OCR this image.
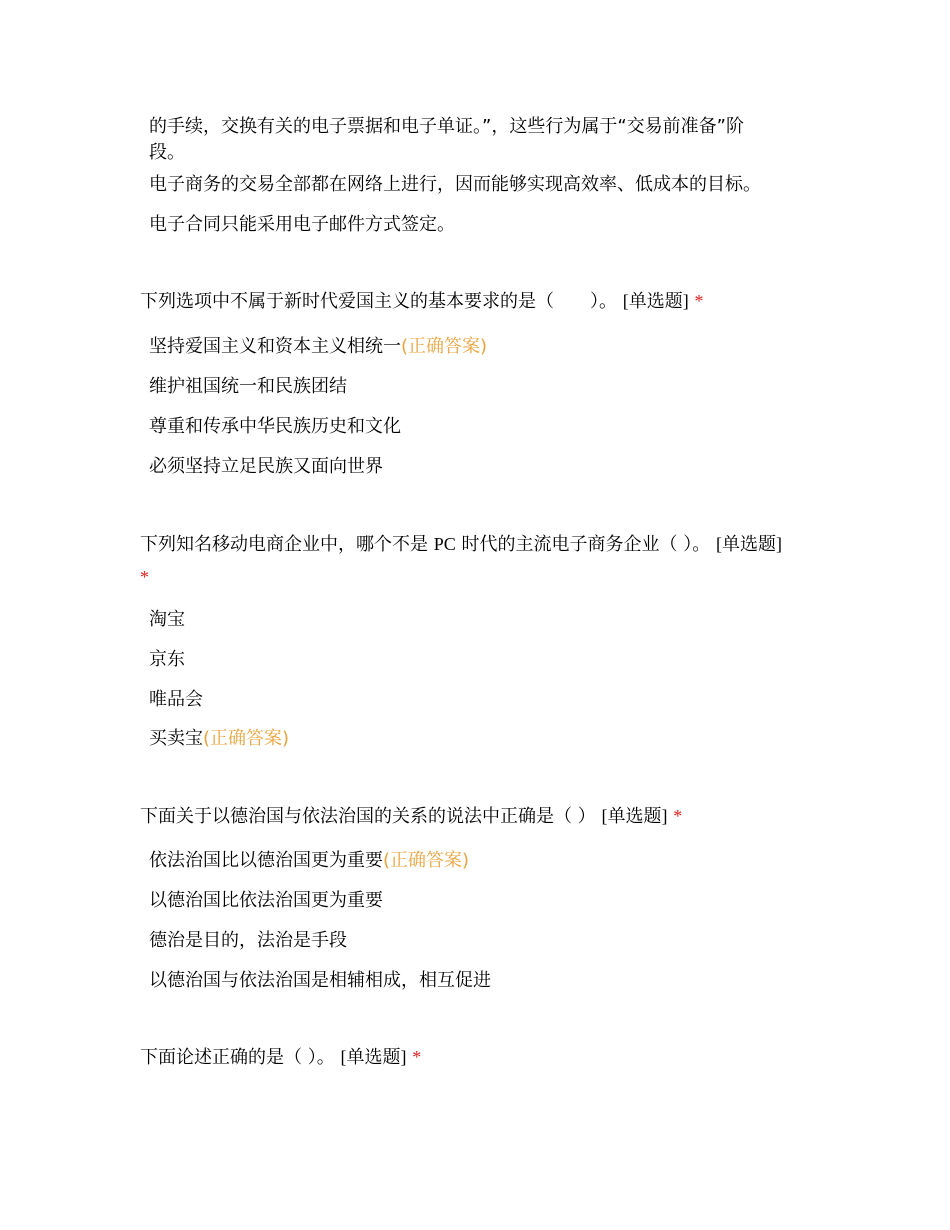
的手续，交换有关的电子票据和电子单证。”，这些行为属于“交易前准备”阶
段。
电子商务的交易全部都在网络上进行，因而能够实现高效率、低成本的目标。
电子合同只能采用电子邮件方式签定。
下列选项中不属于新时代爱国主义的基本要求的是（　　）。 [单选题] *
坚持爱国主义和资本主义相统一(正确答案)
维护祖国统一和民族团结
尊重和传承中华民族历史和文化
必须坚持立足民族又面向世界
下列知名移动电商企业中，哪个不是 PC 时代的主流电子商务企业（ ）。 [单选题]
*
淘宝
京东
唯品会
买卖宝(正确答案)
下面关于以德治国与依法治国的关系的说法中正确是（ ） [单选题] *
依法治国比以德治国更为重要(正确答案)
以德治国比依法治国更为重要
德治是目的，法治是手段
以德治国与依法治国是相辅相成，相互促进
下面论述正确的是（ ）。 [单选题] *
